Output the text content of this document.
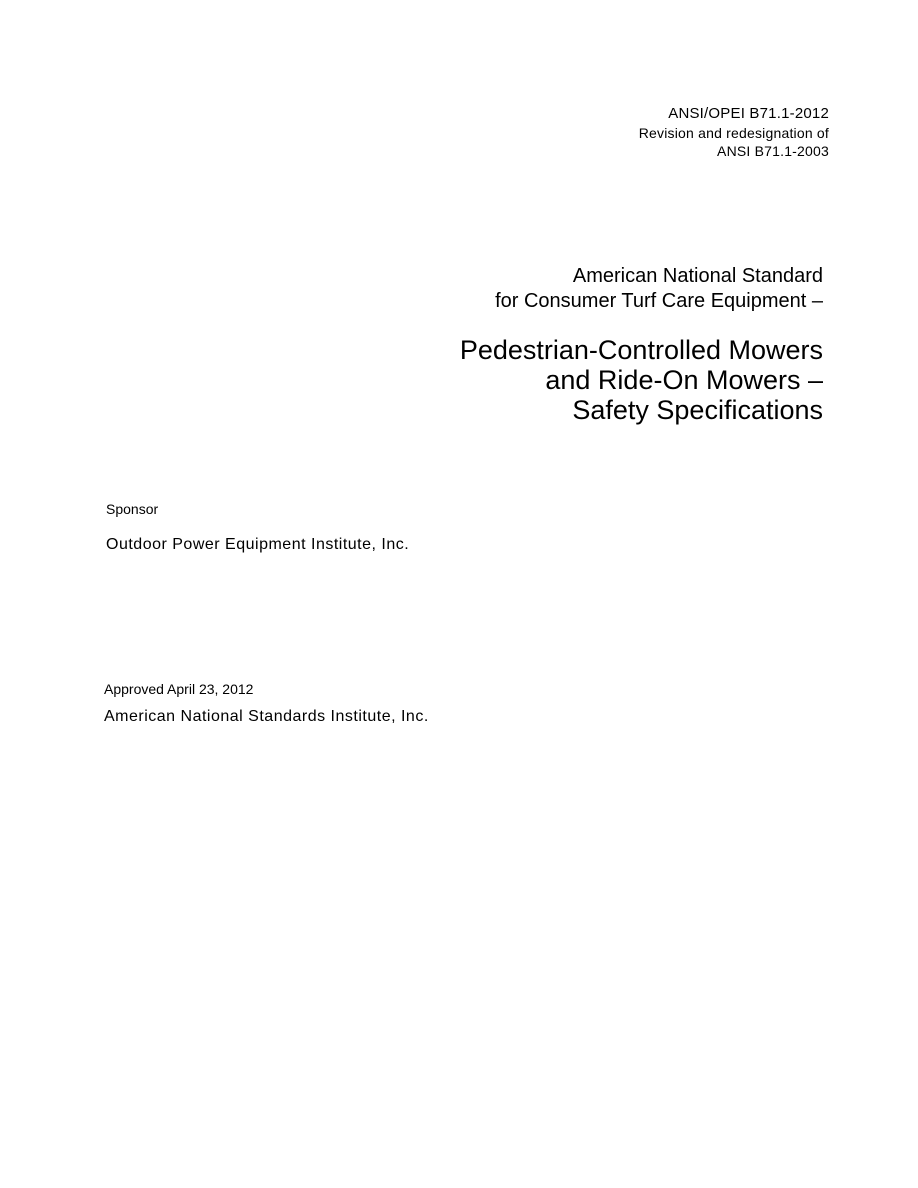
ANSI/OPEI B71.1-2012
Revision and redesignation of
ANSI B71.1-2003
American National Standard
for Consumer Turf Care Equipment –
Pedestrian-Controlled Mowers
and Ride-On Mowers –
Safety Specifications
Sponsor
Outdoor Power Equipment Institute, Inc.
Approved April 23, 2012
American National Standards Institute, Inc.
